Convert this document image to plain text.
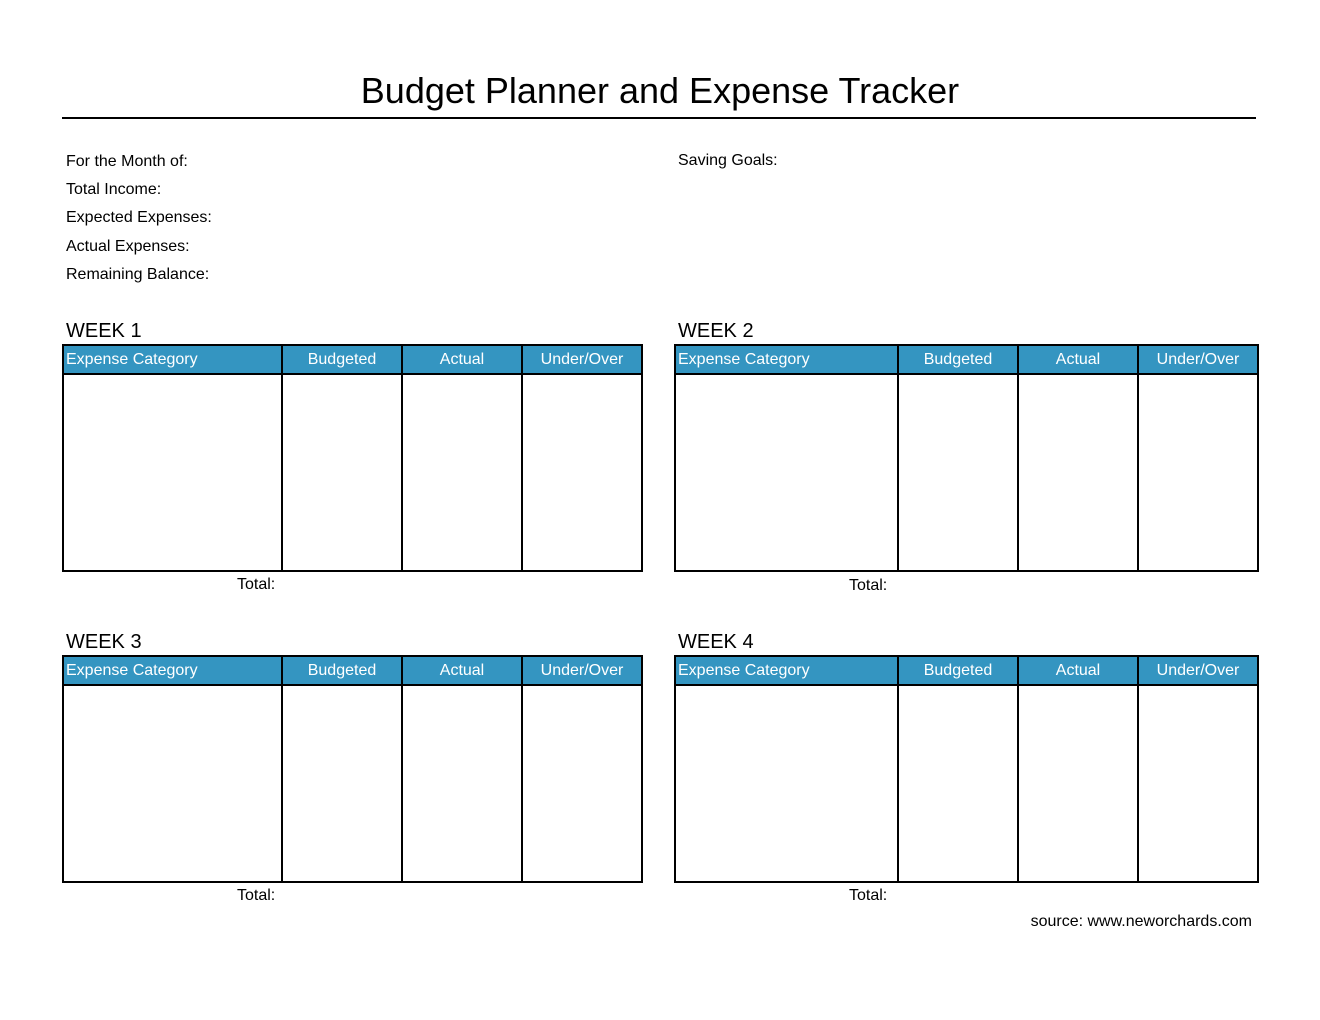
Budget Planner and Expense Tracker
For the Month of:
Total Income:
Expected Expenses:
Actual Expenses:
Remaining Balance:
Saving Goals:
WEEK 1
Expense Category	Budgeted	Actual	Under/Over

Total:
WEEK 2
Expense Category	Budgeted	Actual	Under/Over

Total:
WEEK 3
Expense Category	Budgeted	Actual	Under/Over

Total:
WEEK 4
Expense Category	Budgeted	Actual	Under/Over

Total:
source: www.neworchards.com
